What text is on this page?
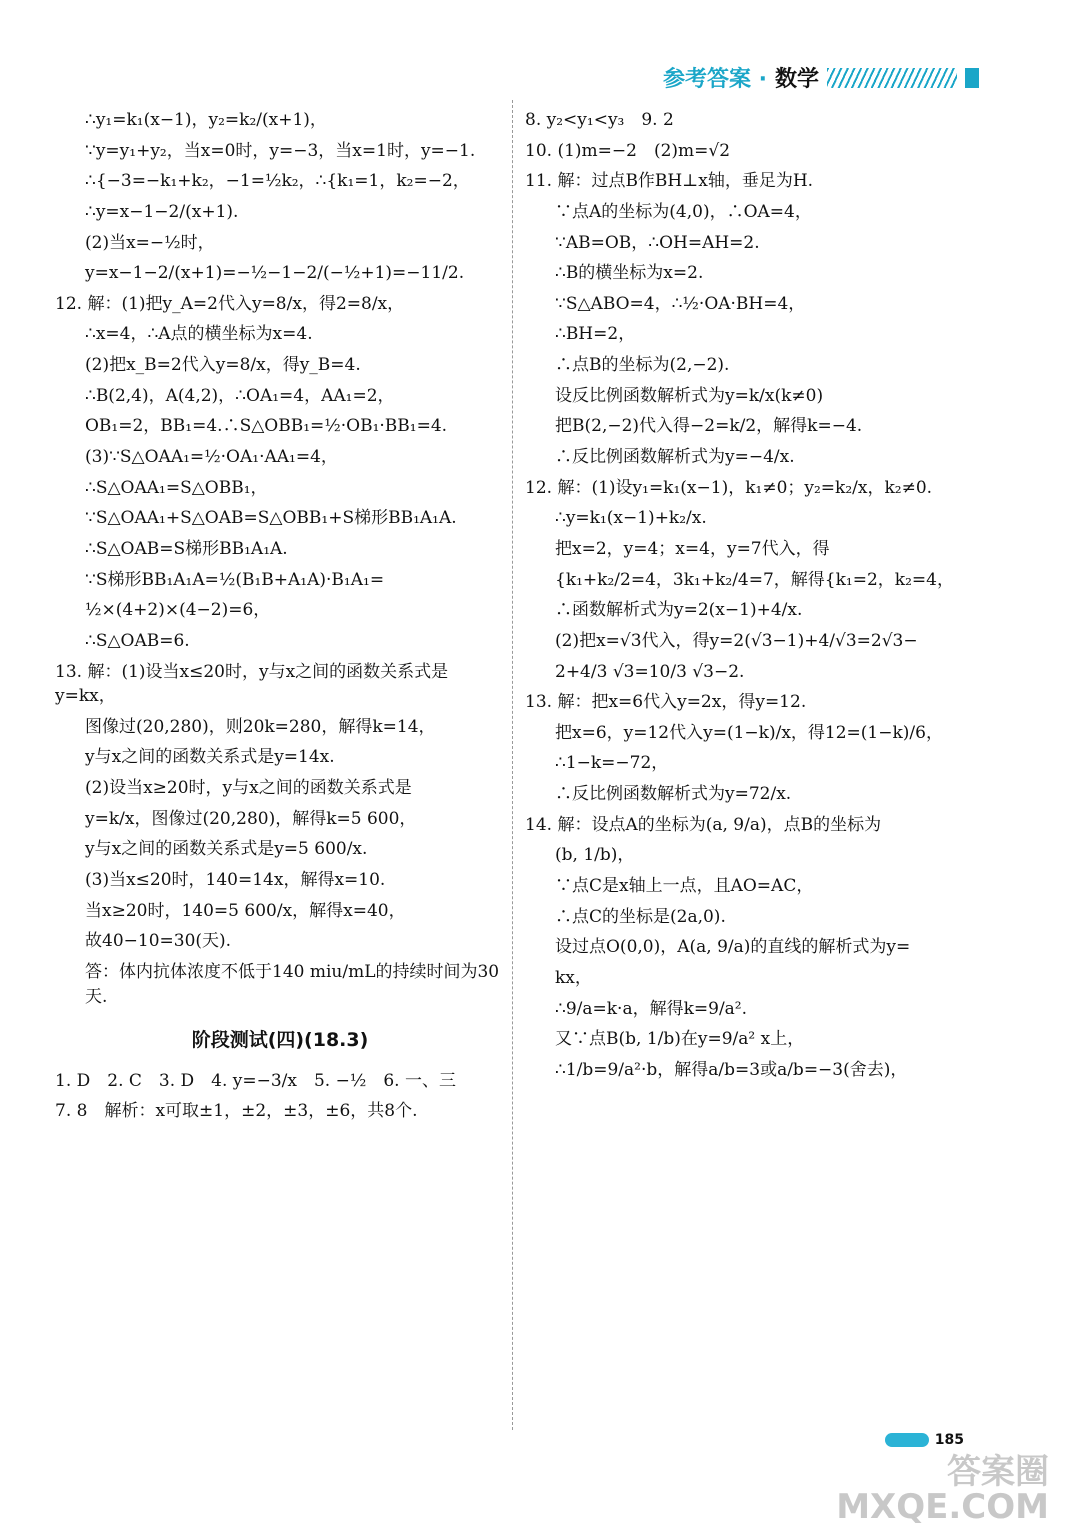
参考答案 · 数学
∴y₁=k₁(x−1)，y₂=k₂/(x+1)，
∵y=y₁+y₂，当x=0时，y=−3，当x=1时，y=−1.
∴{−3=−k₁+k₂，−1=½k₂，∴{k₁=1，k₂=−2，
∴y=x−1−2/(x+1).
(2)当x=−½时，
y=x−1−2/(x+1)=−½−1−2/(−½+1)=−11/2.
12. 解：(1)把y_A=2代入y=8/x，得2=8/x，
∴x=4，∴A点的横坐标为x=4.
(2)把x_B=2代入y=8/x，得y_B=4.
∴B(2,4)，A(4,2)，∴OA₁=4，AA₁=2，
OB₁=2，BB₁=4.∴S△OBB₁=½·OB₁·BB₁=4.
(3)∵S△OAA₁=½·OA₁·AA₁=4，
∴S△OAA₁=S△OBB₁，
∵S△OAA₁+S△OAB=S△OBB₁+S梯形BB₁A₁A.
∴S△OAB=S梯形BB₁A₁A.
∵S梯形BB₁A₁A=½(B₁B+A₁A)·B₁A₁=
½×(4+2)×(4−2)=6，
∴S△OAB=6.
13. 解：(1)设当x≤20时，y与x之间的函数关系式是y=kx，
图像过(20,280)，则20k=280，解得k=14，
y与x之间的函数关系式是y=14x.
(2)设当x≥20时，y与x之间的函数关系式是
y=k/x，图像过(20,280)，解得k=5 600，
y与x之间的函数关系式是y=5 600/x.
(3)当x≤20时，140=14x，解得x=10.
当x≥20时，140=5 600/x，解得x=40，
故40−10=30(天).
答：体内抗体浓度不低于140 miu/mL的持续时间为30天.
阶段测试(四)(18.3)
1. D　2. C　3. D　4. y=−3/x　5. −½　6. 一、三
7. 8　解析：x可取±1，±2，±3，±6，共8个.
8. y₂<y₁<y₃　9. 2
10. (1)m=−2　(2)m=√2
11. 解：过点B作BH⊥x轴，垂足为H.
∵点A的坐标为(4,0)，∴OA=4，
∵AB=OB，∴OH=AH=2.
∴B的横坐标为x=2.
∵S△ABO=4，∴½·OA·BH=4，
∴BH=2，
∴点B的坐标为(2,−2).
设反比例函数解析式为y=k/x(k≠0)
把B(2,−2)代入得−2=k/2，解得k=−4.
∴反比例函数解析式为y=−4/x.
12. 解：(1)设y₁=k₁(x−1)，k₁≠0；y₂=k₂/x，k₂≠0.
∴y=k₁(x−1)+k₂/x.
把x=2，y=4；x=4，y=7代入，得
{k₁+k₂/2=4，3k₁+k₂/4=7，解得{k₁=2，k₂=4，
∴函数解析式为y=2(x−1)+4/x.
(2)把x=√3代入，得y=2(√3−1)+4/√3=2√3−
2+4/3 √3=10/3 √3−2.
13. 解：把x=6代入y=2x，得y=12.
把x=6，y=12代入y=(1−k)/x，得12=(1−k)/6，
∴1−k=−72，
∴反比例函数解析式为y=72/x.
14. 解：设点A的坐标为(a, 9/a)，点B的坐标为
(b, 1/b)，
∵点C是x轴上一点，且AO=AC，
∴点C的坐标是(2a,0).
设过点O(0,0)，A(a, 9/a)的直线的解析式为y=
kx，
∴9/a=k·a，解得k=9/a².
又∵点B(b, 1/b)在y=9/a² x上，
∴1/b=9/a²·b，解得a/b=3或a/b=−3(舍去)，
185
答案圈
MXQE.COM
